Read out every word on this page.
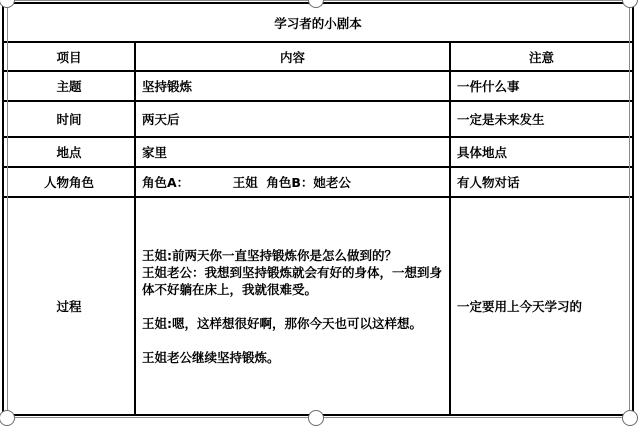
学习者的小剧本		
项目	内容	注意
主题	坚持锻炼	一件什么事
时间	两天后	一定是未来发生
地点	家里	具体地点
人物角色	角色A：          王姐  角色B：她老公	有人物对话
过程	王姐:前两天你一直坚持锻炼你是怎么做到的？

王姐老公：我想到坚持锻炼就会有好的身体，一想到身体不好躺在床上，我就很难受。

王姐:嗯，这样想很好啊，那你今天也可以这样想。

王姐老公继续坚持锻炼。	一定要用上今天学习的
